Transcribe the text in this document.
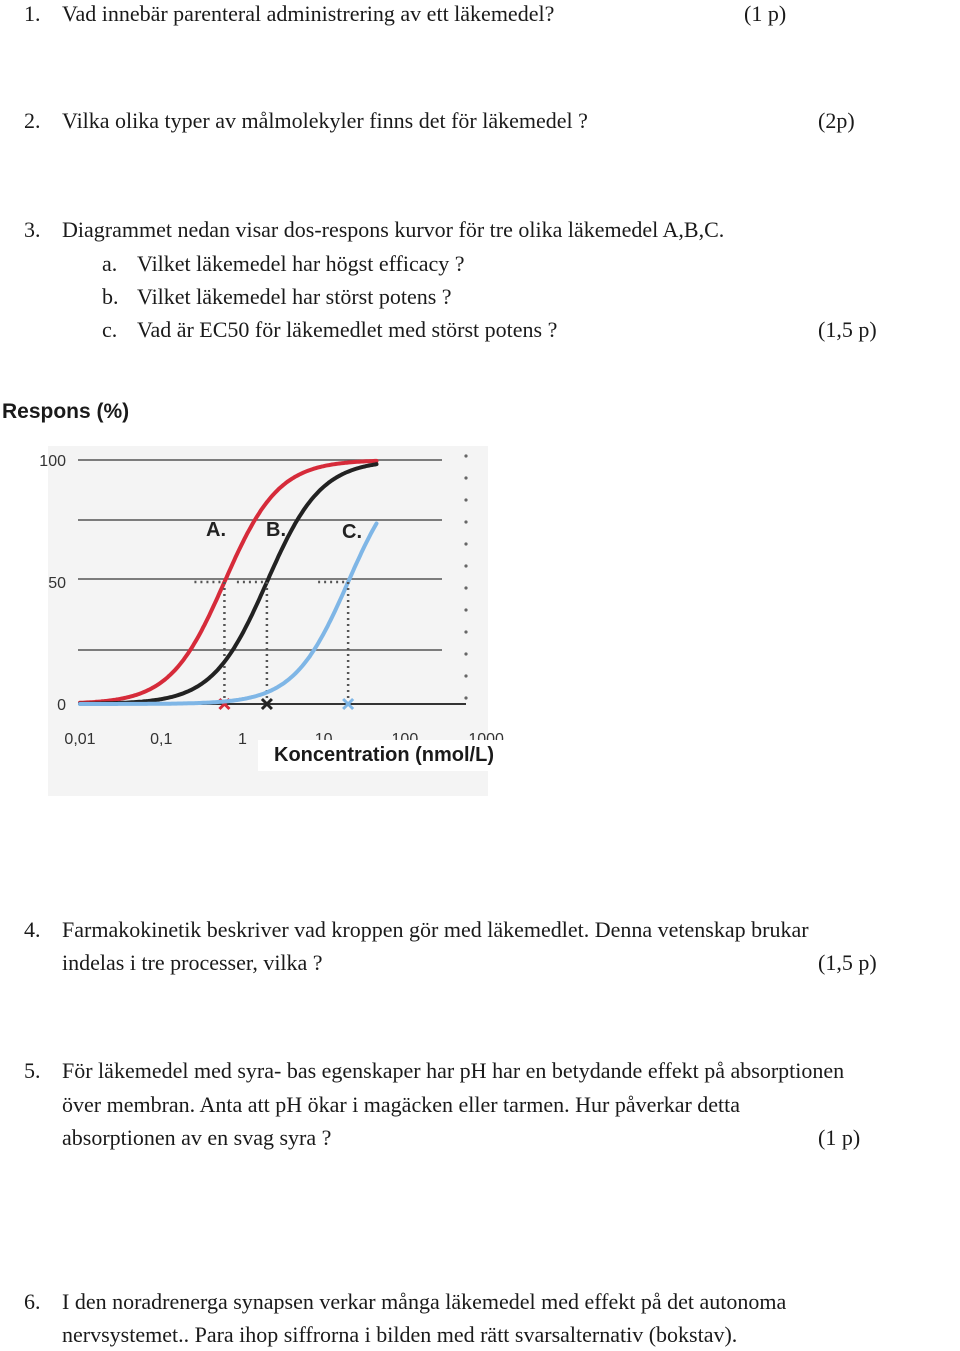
1. Vad innebär parenteral administrering av ett läkemedel?	(1 p)
2. Vilka olika typer av målmolekyler finns det för läkemedel ?	(2p)
3. Diagrammet nedan visar dos-respons kurvor för tre olika läkemedel A,B,C.
a. Vilket läkemedel har högst efficacy ?
b. Vilket läkemedel har störst potens ?
c. Vad är EC50 för läkemedlet med störst potens ?	(1,5 p)
Respons (%)
0
50
100
0,01	0,1	1
A. B.	C.
Koncentration (nmol/L)
4. Farmakokinetik beskriver vad kroppen gör med läkemedlet. Denna vetenskap brukar
indelas i tre processer, vilka ?	(1,5 p)
5. För läkemedel med syra- bas egenskaper har pH har en betydande effekt på absorptionen
över membran. Anta att pH ökar i magäcken eller tarmen. Hur påverkar detta
absorptionen av en svag syra ?	(1 p)
6. I den noradrenerga synapsen verkar många läkemedel med effekt på det autonoma
nervsystemet.. Para ihop siffrorna i bilden med rätt svarsalternativ (bokstav).
